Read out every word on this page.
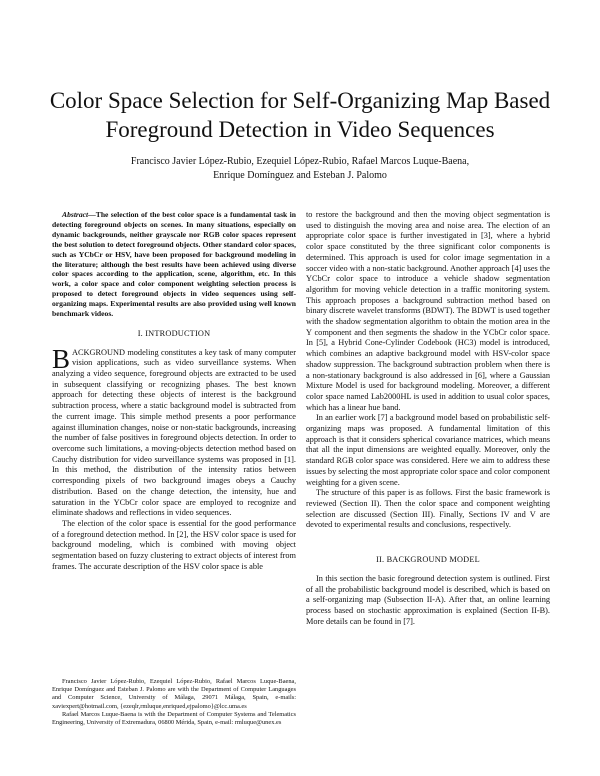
Color Space Selection for Self-Organizing Map Based Foreground Detection in Video Sequences
Francisco Javier López-Rubio, Ezequiel López-Rubio, Rafael Marcos Luque-Baena,
Enrique Domínguez and Esteban J. Palomo

Abstract—The selection of the best color space is a fundamental task in detecting foreground objects on scenes. In many situations, especially on dynamic backgrounds, neither grayscale nor RGB color spaces represent the best solution to detect foreground objects. Other standard color spaces, such as YCbCr or HSV, have been proposed for background modeling in the literature; although the best results have been achieved using diverse color spaces according to the application, scene, algorithm, etc. In this work, a color space and color component weighting selection process is proposed to detect foreground objects in video sequences using self-organizing maps. Experimental results are also provided using well known benchmark videos.

I. INTRODUCTION

BACKGROUND modeling constitutes a key task of many computer vision applications, such as video surveillance systems. When analyzing a video sequence, foreground objects are extracted to be used in subsequent classifying or recognizing phases. The best known approach for detecting these objects of interest is the background subtraction process, where a static background model is subtracted from the current image. This simple method presents a poor performance against illumination changes, noise or non-static backgrounds, increasing the number of false positives in foreground objects detection. In order to overcome such limitations, a moving-objects detection method based on Cauchy distribution for video surveillance systems was proposed in [1]. In this method, the distribution of the intensity ratios between corresponding pixels of two background images obeys a Cauchy distribution. Based on the change detection, the intensity, hue and saturation in the YCbCr color space are employed to recognize and eliminate shadows and reflections in video sequences.

The election of the color space is essential for the good performance of a foreground detection method. In [2], the HSV color space is used for background modeling, which is combined with moving object segmentation based on fuzzy clustering to extract objects of interest from frames. The accurate description of the HSV color space is able

to restore the background and then the moving object segmentation is used to distinguish the moving area and noise area. The election of an appropriate color space is further investigated in [3], where a hybrid color space constituted by the three significant color components is determined. This approach is used for color image segmentation in a soccer video with a non-static background. Another approach [4] uses the YCbCr color space to introduce a vehicle shadow segmentation algorithm for moving vehicle detection in a traffic monitoring system. This approach proposes a background subtraction method based on binary discrete wavelet transforms (BDWT). The BDWT is used together with the shadow segmentation algorithm to obtain the motion area in the Y component and then segments the shadow in the YCbCr color space. In [5], a Hybrid Cone-Cylinder Codebook (HC3) model is introduced, which combines an adaptive background model with HSV-color space shadow suppression. The background subtraction problem when there is a non-stationary background is also addressed in [6], where a Gaussian Mixture Model is used for background modeling. Moreover, a different color space named Lab2000HL is used in addition to usual color spaces, which has a linear hue band.

In an earlier work [7] a background model based on probabilistic self-organizing maps was proposed. A fundamental limitation of this approach is that it considers spherical covariance matrices, which means that all the input dimensions are weighted equally. Moreover, only the standard RGB color space was considered. Here we aim to address these issues by selecting the most appropriate color space and color component weighting for a given scene.

The structure of this paper is as follows. First the basic framework is reviewed (Section II). Then the color space and component weighting selection are discussed (Section III). Finally, Sections IV and V are devoted to experimental results and conclusions, respectively.

II. BACKGROUND MODEL

In this section the basic foreground detection system is outlined. First of all the probabilistic background model is described, which is based on a self-organizing map (Subsection II-A). After that, an online learning process based on stochastic approximation is explained (Section II-B). More details can be found in [7].

Francisco Javier López-Rubio, Ezequiel López-Rubio, Rafael Marcos Luque-Baena, Enrique Domínguez and Esteban J. Palomo are with the Department of Computer Languages and Computer Science, University of Málaga, 29071 Málaga, Spain, e-mails: xaviexpert@hotmail.com, {ezeqlr,rmluque,enriqued,ejpalomo}@lcc.uma.es

Rafael Marcos Luque-Baena is with the Department of Computer Systems and Telematics Engineering, University of Extremadura, 06800 Mérida, Spain, e-mail: rmluque@unex.es
